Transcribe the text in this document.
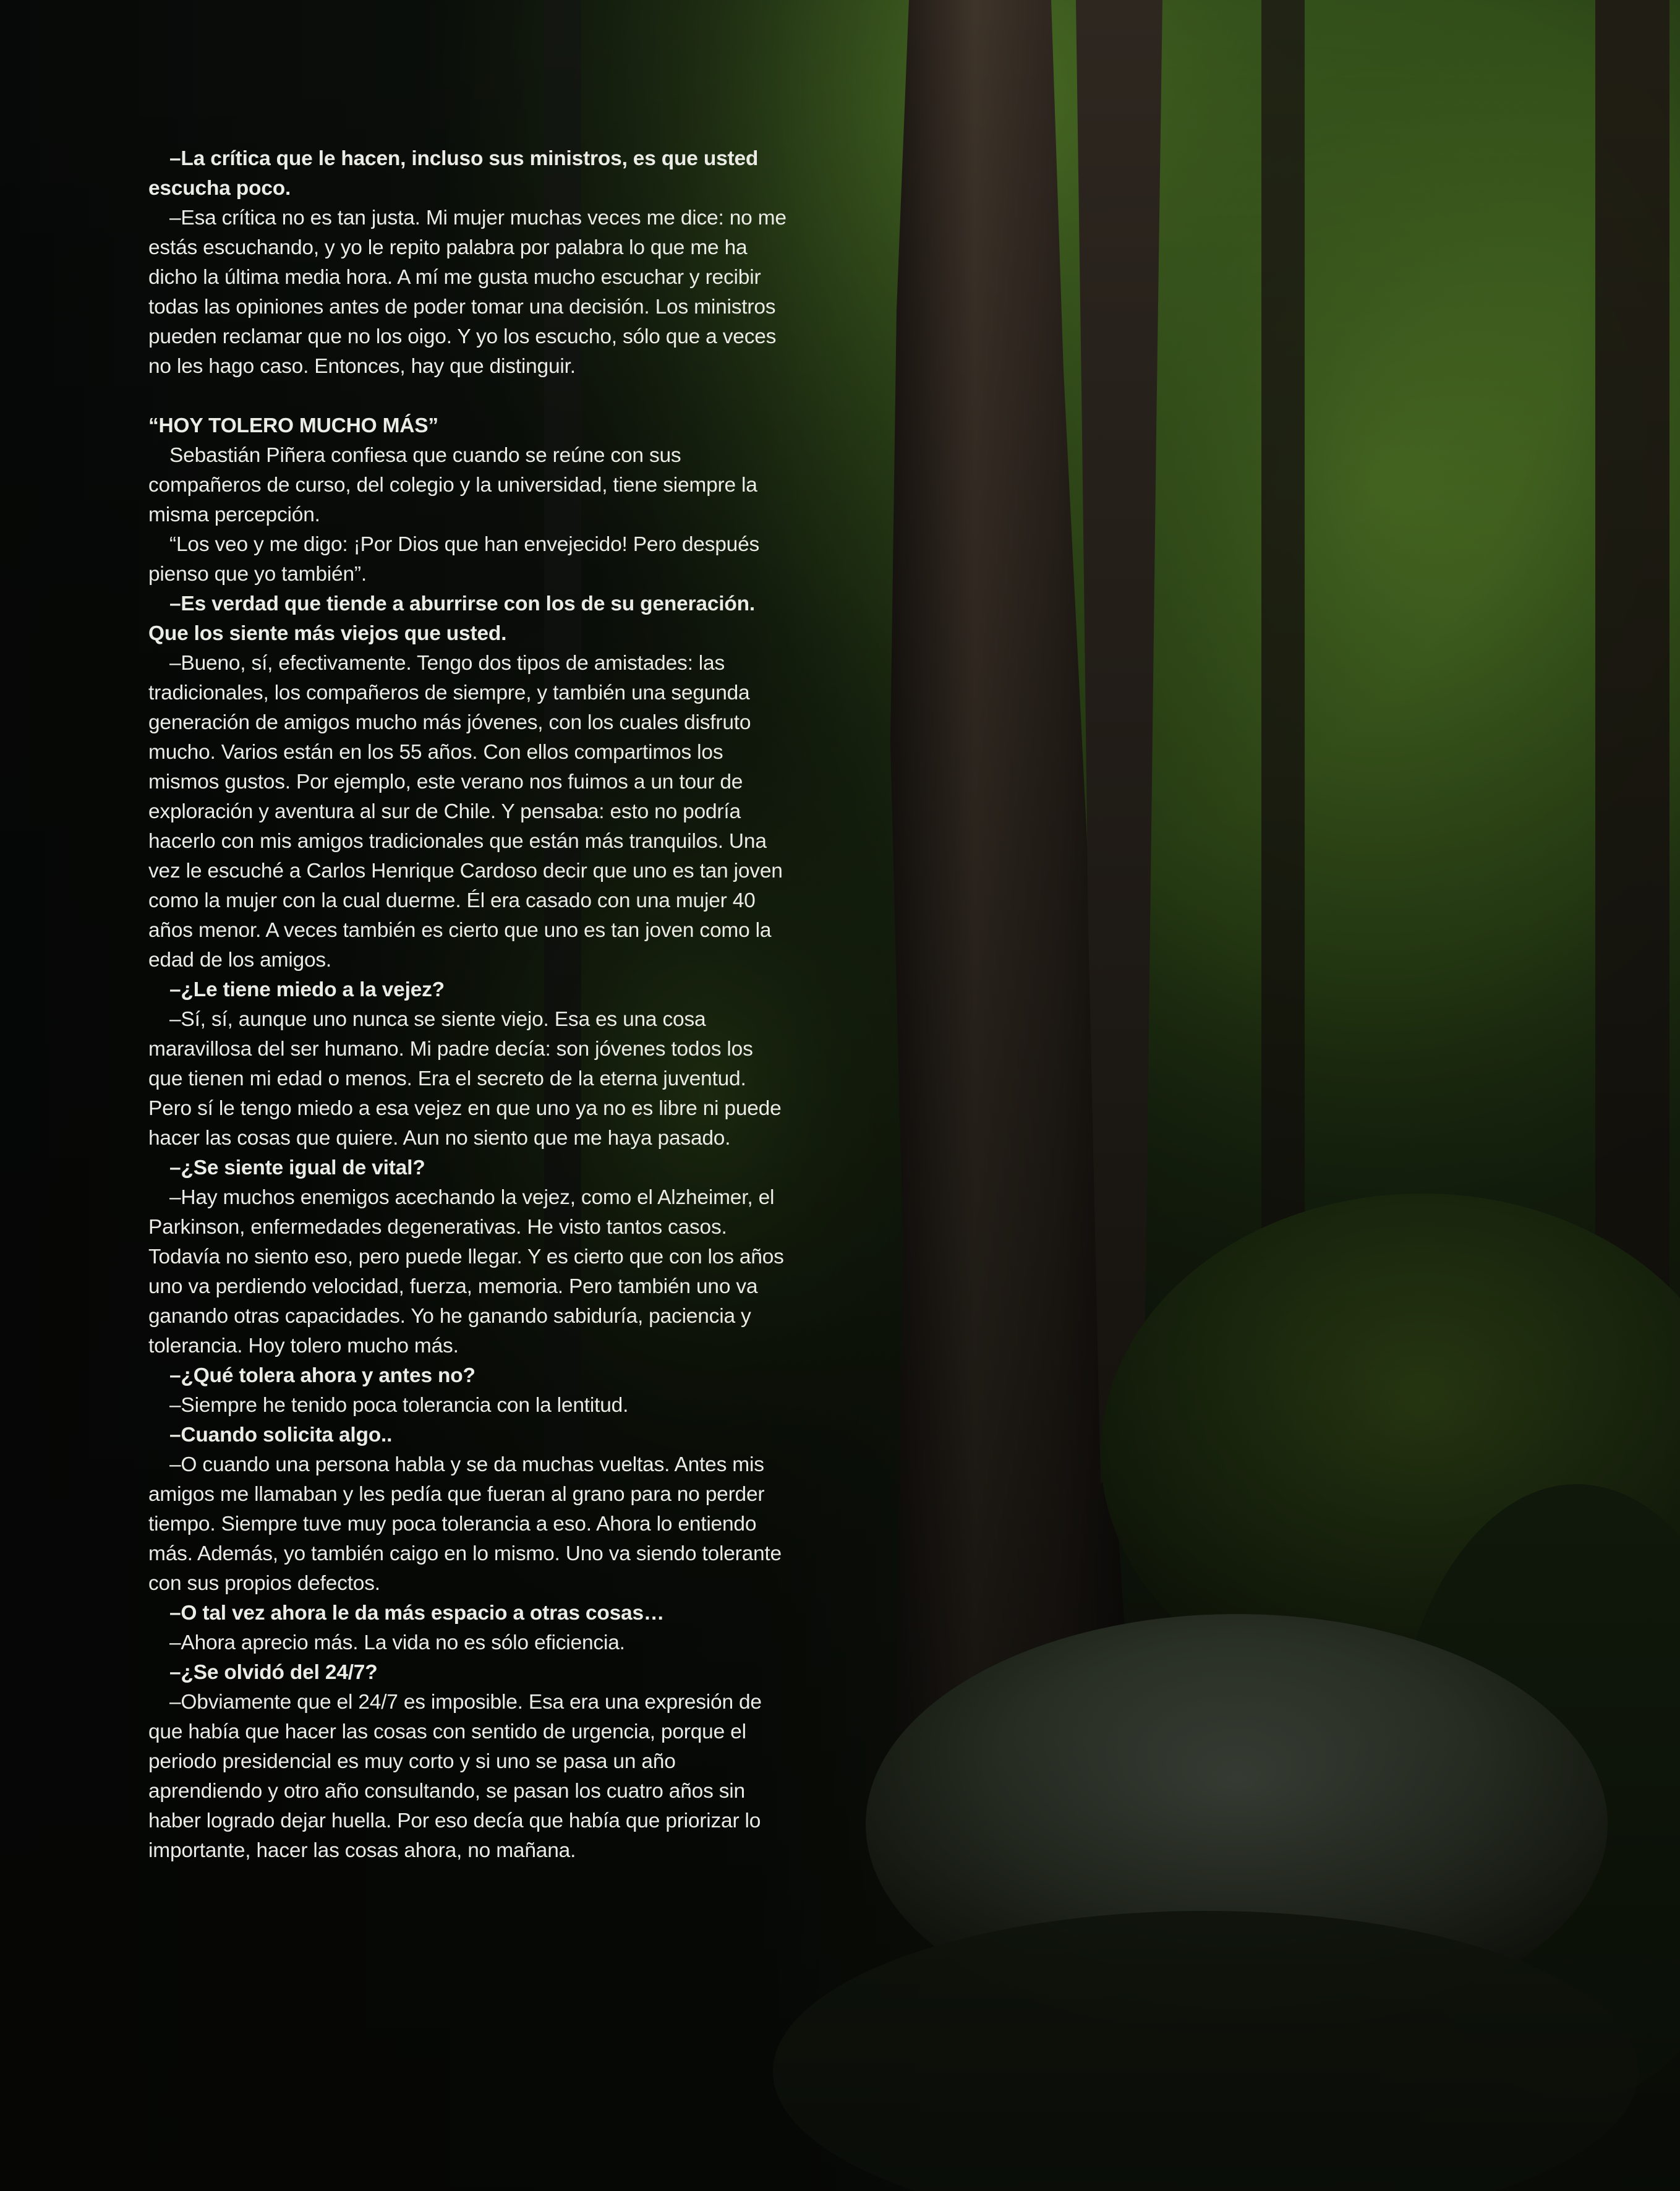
–La crítica que le hacen, incluso sus ministros, es que usted escucha poco.

–Esa crítica no es tan justa. Mi mujer muchas veces me dice: no me estás escuchando, y yo le repito palabra por palabra lo que me ha dicho la última media hora. A mí me gusta mucho escuchar y recibir todas las opiniones antes de poder tomar una decisión. Los ministros pueden reclamar que no los oigo. Y yo los escucho, sólo que a veces no les hago caso. Entonces, hay que distinguir.

“HOY TOLERO MUCHO MÁS”

Sebastián Piñera confiesa que cuando se reúne con sus compañeros de curso, del colegio y la universidad, tiene siempre la misma percepción.

“Los veo y me digo: ¡Por Dios que han envejecido! Pero después pienso que yo también”.

–Es verdad que tiende a aburrirse con los de su generación. Que los siente más viejos que usted.

–Bueno, sí, efectivamente. Tengo dos tipos de amistades: las tradicionales, los compañeros de siempre, y también una segunda generación de amigos mucho más jóvenes, con los cuales disfruto mucho. Varios están en los 55 años. Con ellos compartimos los mismos gustos. Por ejemplo, este verano nos fuimos a un tour de exploración y aventura al sur de Chile. Y pensaba: esto no podría hacerlo con mis amigos tradicionales que están más tranquilos. Una vez le escuché a Carlos Henrique Cardoso decir que uno es tan joven como la mujer con la cual duerme. Él era casado con una mujer 40 años menor. A veces también es cierto que uno es tan joven como la edad de los amigos.

–¿Le tiene miedo a la vejez?

–Sí, sí, aunque uno nunca se siente viejo. Esa es una cosa maravillosa del ser humano. Mi padre decía: son jóvenes todos los que tienen mi edad o menos. Era el secreto de la eterna juventud. Pero sí le tengo miedo a esa vejez en que uno ya no es libre ni puede hacer las cosas que quiere. Aun no siento que me haya pasado.

–¿Se siente igual de vital?

–Hay muchos enemigos acechando la vejez, como el Alzheimer, el Parkinson, enfermedades degenerativas. He visto tantos casos. Todavía no siento eso, pero puede llegar. Y es cierto que con los años uno va perdiendo velocidad, fuerza, memoria. Pero también uno va ganando otras capacidades. Yo he ganando sabiduría, paciencia y tolerancia. Hoy tolero mucho más.

–¿Qué tolera ahora y antes no?

–Siempre he tenido poca tolerancia con la lentitud.

–Cuando solicita algo..

–O cuando una persona habla y se da muchas vueltas. Antes mis amigos me llamaban y les pedía que fueran al grano para no perder tiempo. Siempre tuve muy poca tolerancia a eso. Ahora lo entiendo más. Además, yo también caigo en lo mismo. Uno va siendo tolerante con sus propios defectos.

–O tal vez ahora le da más espacio a otras cosas…

–Ahora aprecio más. La vida no es sólo eficiencia.

–¿Se olvidó del 24/7?

–Obviamente que el 24/7 es imposible. Esa era una expresión de que había que hacer las cosas con sentido de urgencia, porque el periodo presidencial es muy corto y si uno se pasa un año aprendiendo y otro año consultando, se pasan los cuatro años sin haber logrado dejar huella. Por eso decía que había que priorizar lo importante, hacer las cosas ahora, no mañana.
